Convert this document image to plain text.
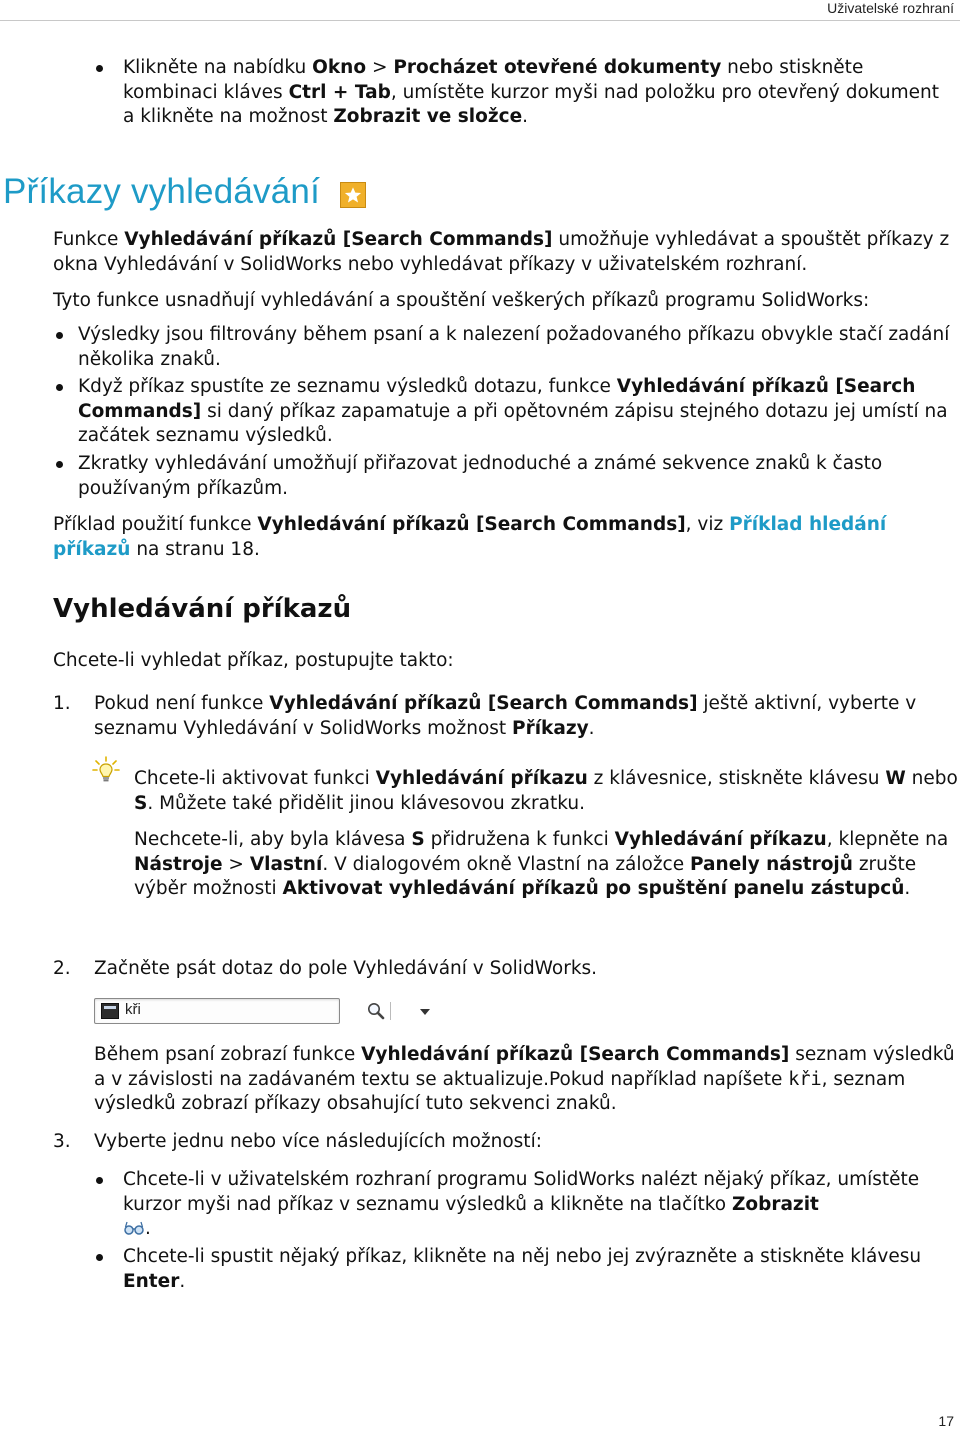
Uživatelské rozhraní
Klikněte na nabídku Okno > Procházet otevřené dokumenty nebo stiskněte kombinaci kláves Ctrl + Tab, umístěte kurzor myši nad položku pro otevřený dokument a klikněte na možnost Zobrazit ve složce.
Příkazy vyhledávání
Funkce Vyhledávání příkazů [Search Commands] umožňuje vyhledávat a spouštět příkazy z okna Vyhledávání v SolidWorks nebo vyhledávat příkazy v uživatelském rozhraní.
Tyto funkce usnadňují vyhledávání a spouštění veškerých příkazů programu SolidWorks:
Výsledky jsou filtrovány během psaní a k nalezení požadovaného příkazu obvykle stačí zadání několika znaků.
Když příkaz spustíte ze seznamu výsledků dotazu, funkce Vyhledávání příkazů [Search Commands] si daný příkaz zapamatuje a při opětovném zápisu stejného dotazu jej umístí na začátek seznamu výsledků.
Zkratky vyhledávání umožňují přiřazovat jednoduché a známé sekvence znaků k často používaným příkazům.
Příklad použití funkce Vyhledávání příkazů [Search Commands], viz Příklad hledání příkazů na stranu 18.
Vyhledávání příkazů
Chcete-li vyhledat příkaz, postupujte takto:
1. Pokud není funkce Vyhledávání příkazů [Search Commands] ještě aktivní, vyberte v seznamu Vyhledávání v SolidWorks možnost Příkazy.
Chcete-li aktivovat funkci Vyhledávání příkazu z klávesnice, stiskněte klávesu W nebo S. Můžete také přidělit jinou klávesovou zkratku.
Nechcete-li, aby byla klávesa S přidružena k funkci Vyhledávání příkazu, klepněte na Nástroje > Vlastní. V dialogovém okně Vlastní na záložce Panely nástrojů zrušte výběr možnosti Aktivovat vyhledávání příkazů po spuštění panelu zástupců.
2. Začněte psát dotaz do pole Vyhledávání v SolidWorks.
kři
Během psaní zobrazí funkce Vyhledávání příkazů [Search Commands] seznam výsledků a v závislosti na zadávaném textu se aktualizuje.Pokud například napíšete kři, seznam výsledků zobrazí příkazy obsahující tuto sekvenci znaků.
3. Vyberte jednu nebo více následujících možností:
Chcete-li v uživatelském rozhraní programu SolidWorks nalézt nějaký příkaz, umístěte kurzor myši nad příkaz v seznamu výsledků a klikněte na tlačítko Zobrazit
.
Chcete-li spustit nějaký příkaz, klikněte na něj nebo jej zvýrazněte a stiskněte klávesu Enter.
17
